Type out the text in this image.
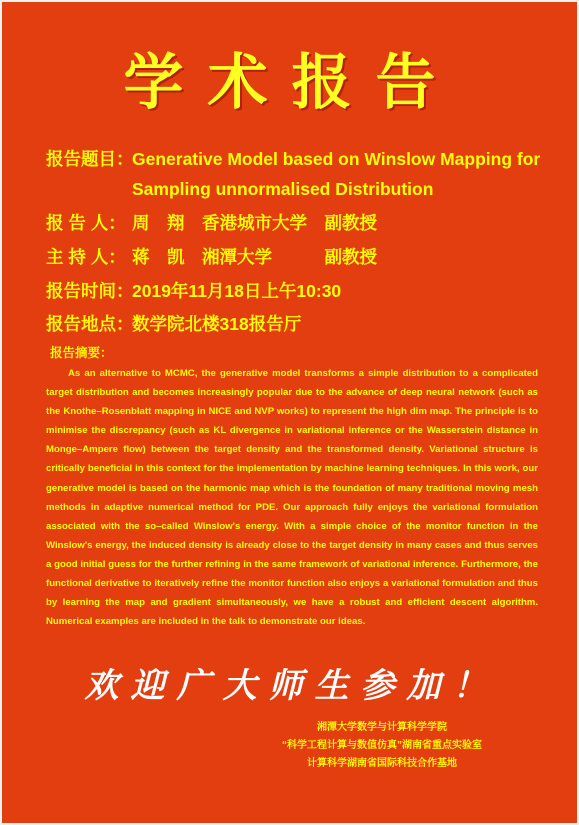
学术报告
报告题目：Generative Model based on Winslow Mapping for
Sampling unnormalised Distribution
报 告 人： 周　翔　香港城市大学　副教授
主 持 人： 蒋　凯　湘潭大学　　　副教授
报告时间：2019年11月18日上午10:30
报告地点：数学院北楼318报告厅
报告摘要：
As an alternative to MCMC, the generative model transforms a simple distribution to a complicated target distribution and becomes increasingly popular due to the advance of deep neural network (such as the Knothe–Rosenblatt mapping in NICE and NVP works) to represent the high dim map. The principle is to minimise the discrepancy (such as KL divergence in variational inference or the Wasserstein distance in Monge–Ampere flow) between the target density and the transformed density. Variational structure is critically beneficial in this context for the implementation by machine learning techniques. In this work, our generative model is based on the harmonic map which is the foundation of many traditional moving mesh methods in adaptive numerical method for PDE. Our approach fully enjoys the variational formulation associated with the so–called Winslow's energy. With a simple choice of the monitor function in the Winslow's energy, the induced density is already close to the target density in many cases and thus serves a good initial guess for the further refining in the same framework of variational inference. Furthermore, the functional derivative to iteratively refine the monitor function also enjoys a variational formulation and thus by learning the map and gradient simultaneously, we have a robust and efficient descent algorithm. Numerical examples are included in the talk to demonstrate our ideas.
欢迎广大师生参加！
湘潭大学数学与计算科学学院
“科学工程计算与数值仿真”湖南省重点实验室
计算科学湖南省国际科技合作基地
